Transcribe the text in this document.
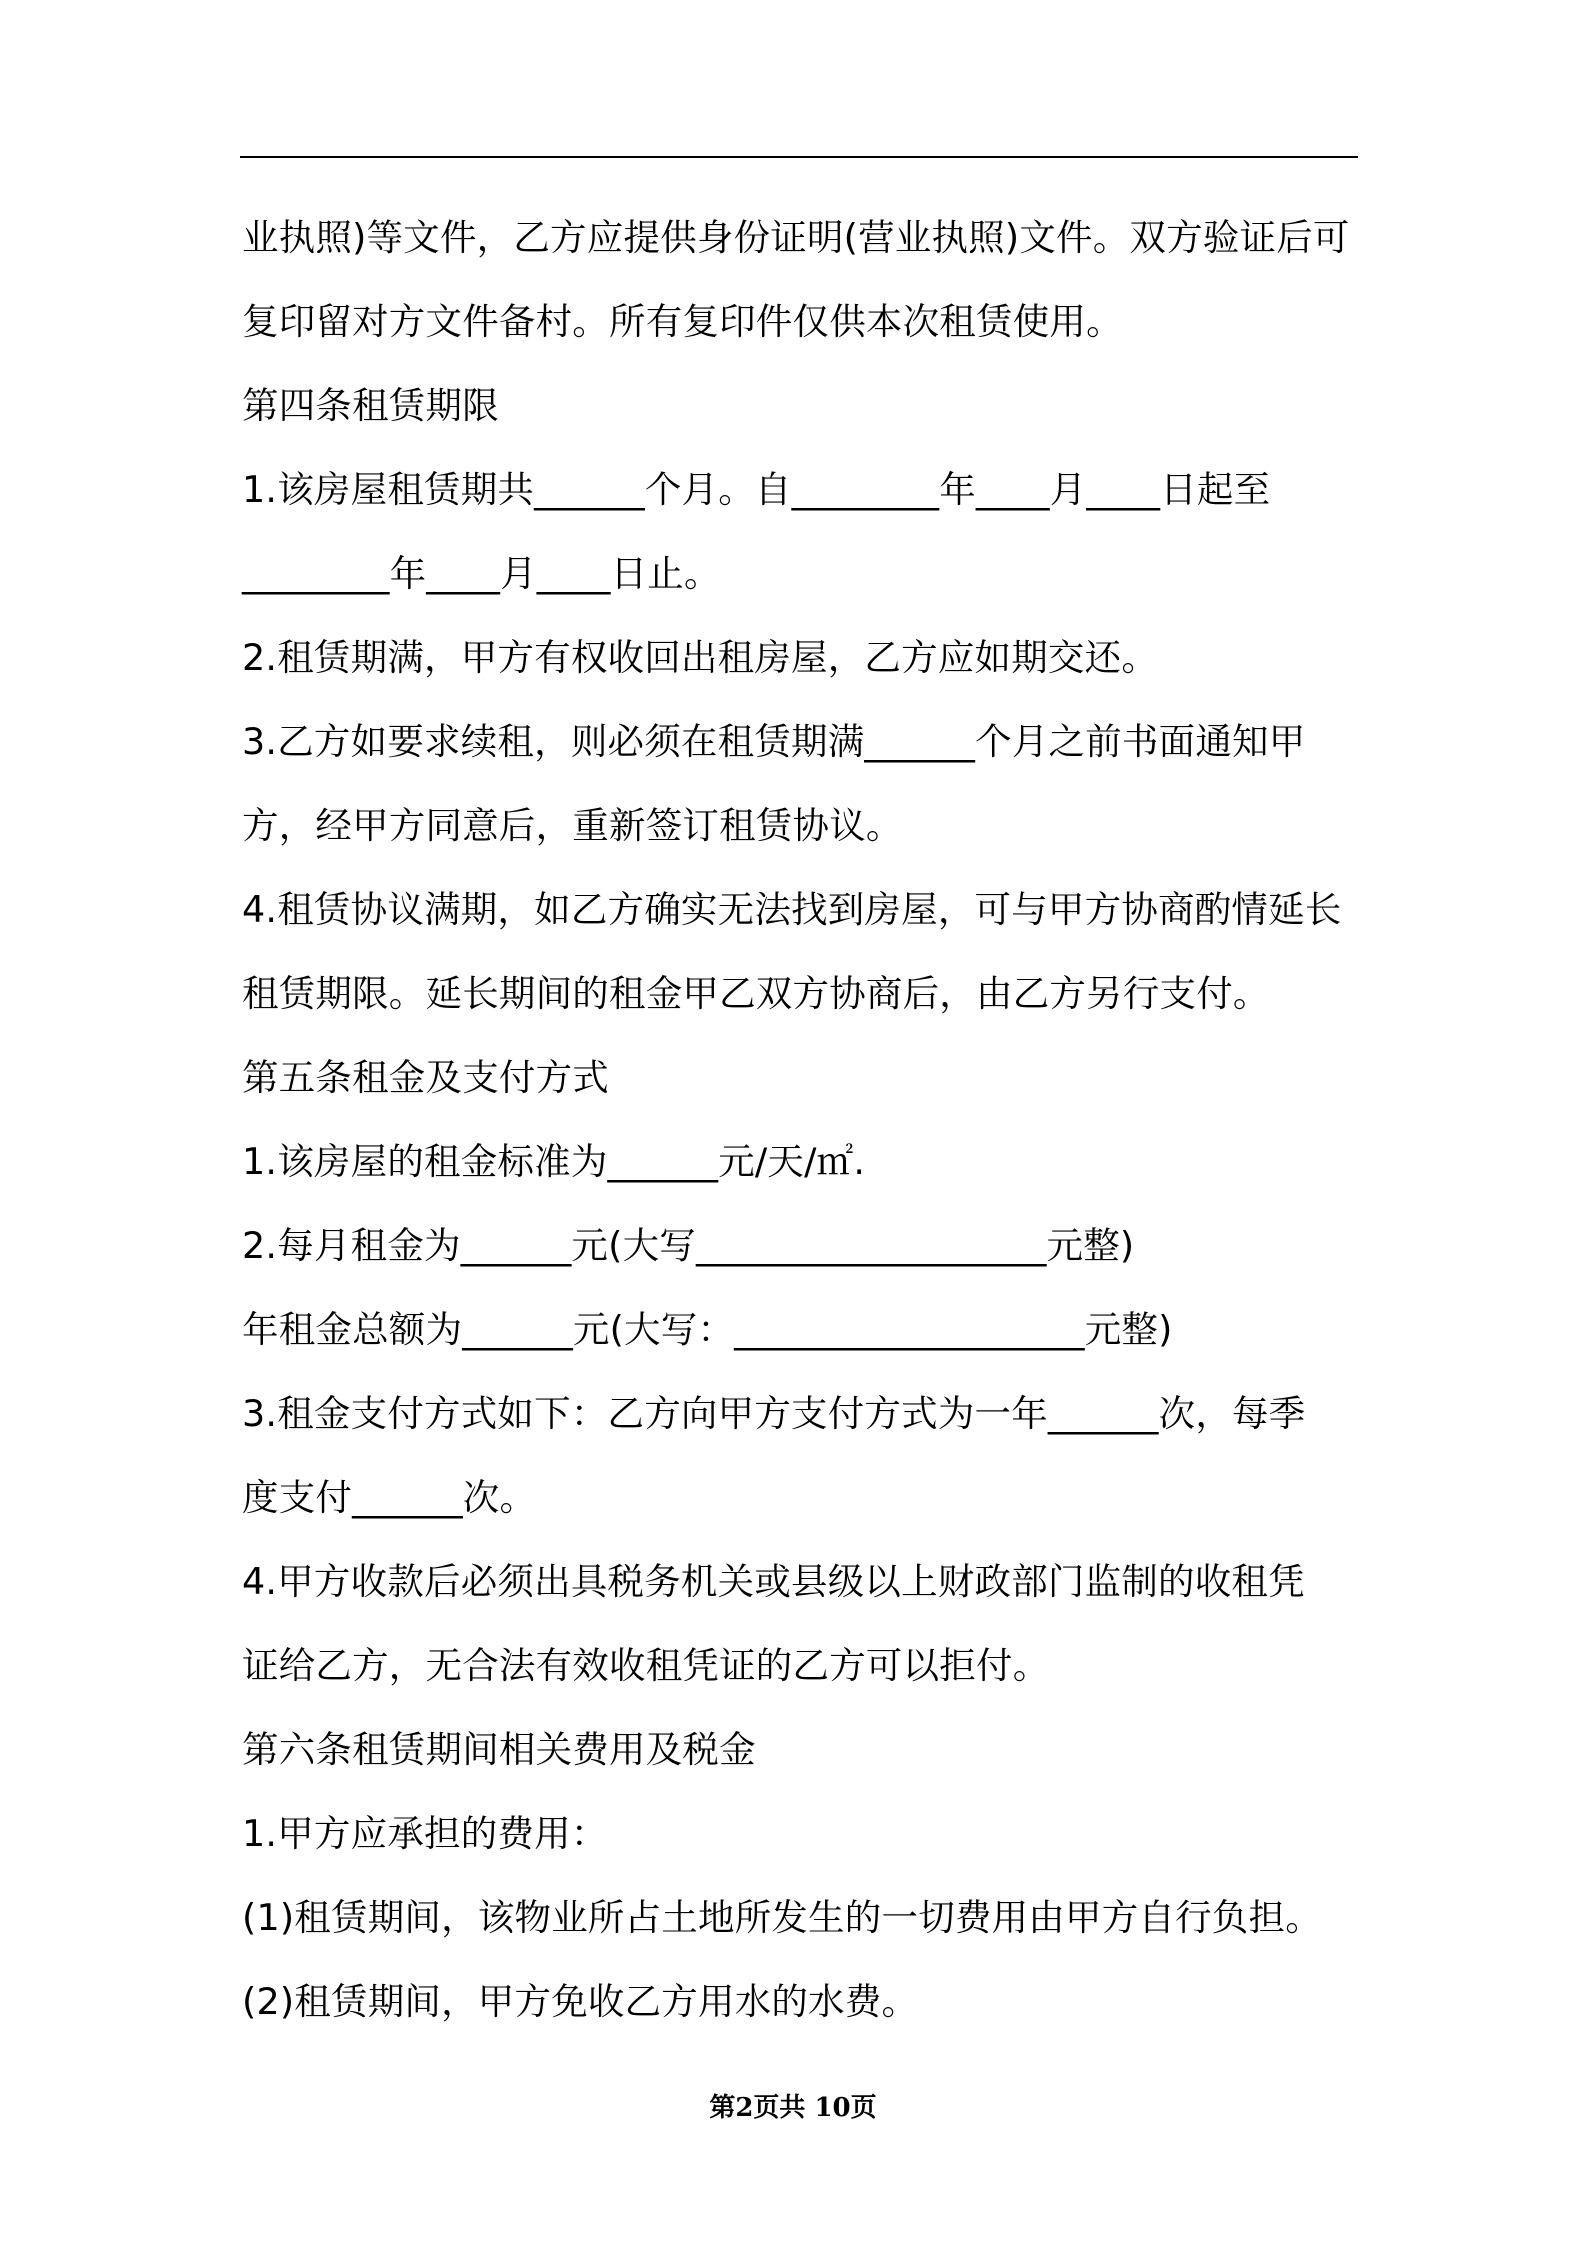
业执照)等文件，乙方应提供身份证明(营业执照)文件。双方验证后可
复印留对方文件备村。所有复印件仅供本次租赁使用。
第四条租赁期限
1.该房屋租赁期共______个月。自________年____月____日起至
________年____月____日止。
2.租赁期满，甲方有权收回出租房屋，乙方应如期交还。
3.乙方如要求续租，则必须在租赁期满______个月之前书面通知甲
方，经甲方同意后，重新签订租赁协议。
4.租赁协议满期，如乙方确实无法找到房屋，可与甲方协商酌情延长
租赁期限。延长期间的租金甲乙双方协商后，由乙方另行支付。
第五条租金及支付方式
1.该房屋的租金标准为______元/天/㎡.
2.每月租金为______元(大写___________________元整)
年租金总额为______元(大写：___________________元整)
3.租金支付方式如下：乙方向甲方支付方式为一年______次，每季
度支付______次。
4.甲方收款后必须出具税务机关或县级以上财政部门监制的收租凭
证给乙方，无合法有效收租凭证的乙方可以拒付。
第六条租赁期间相关费用及税金
1.甲方应承担的费用：
(1)租赁期间，该物业所占土地所发生的一切费用由甲方自行负担。
(2)租赁期间，甲方免收乙方用水的水费。
第2页共 10页
